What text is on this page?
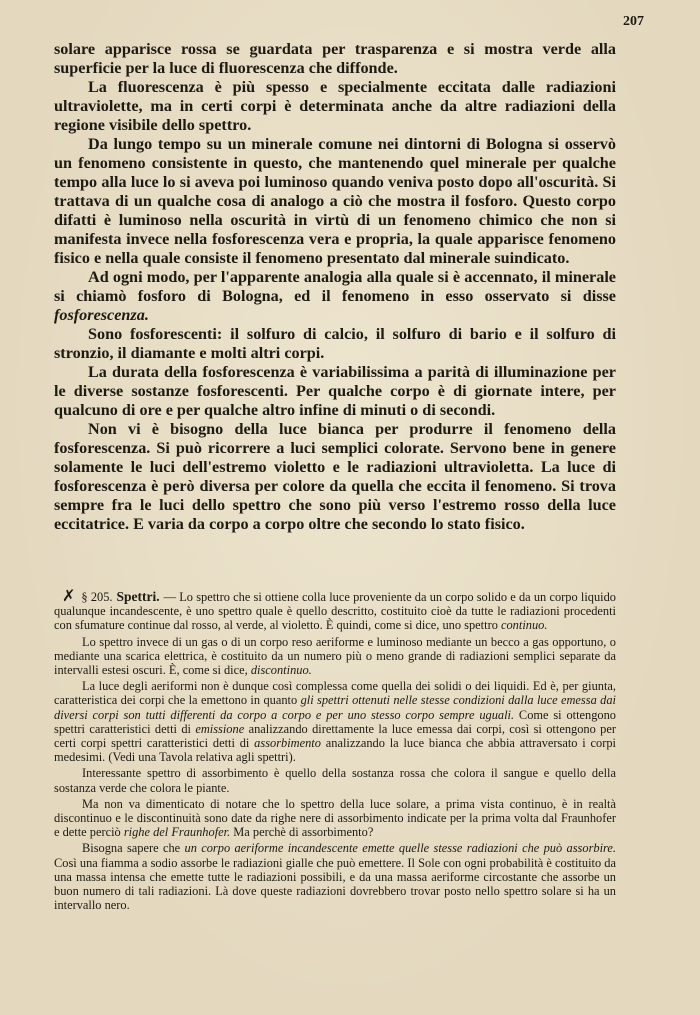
207

solare apparisce rossa se guardata per trasparenza e si mostra verde alla superficie per la luce di fluorescenza che diffonde.

La fluorescenza è più spesso e specialmente eccitata dalle radiazioni ultraviolette, ma in certi corpi è determinata anche da altre radiazioni della regione visibile dello spettro.

Da lungo tempo su un minerale comune nei dintorni di Bologna si osservò un fenomeno consistente in questo, che mantenendo quel minerale per qualche tempo alla luce lo si aveva poi luminoso quando veniva posto dopo all'oscurità. Si trattava di un qualche cosa di analogo a ciò che mostra il fosforo. Questo corpo difatti è luminoso nella oscurità in virtù di un fenomeno chimico che non si manifesta invece nella fosforescenza vera e propria, la quale apparisce fenomeno fisico e nella quale consiste il fenomeno presentato dal minerale suindicato.

Ad ogni modo, per l'apparente analogia alla quale si è accennato, il minerale si chiamò fosforo di Bologna, ed il fenomeno in esso osservato si disse fosforescenza.

Sono fosforescenti: il solfuro di calcio, il solfuro di bario e il solfuro di stronzio, il diamante e molti altri corpi.

La durata della fosforescenza è variabilissima a parità di illuminazione per le diverse sostanze fosforescenti. Per qualche corpo è di giornate intere, per qualcuno di ore e per qualche altro infine di minuti o di secondi.

Non vi è bisogno della luce bianca per produrre il fenomeno della fosforescenza. Si può ricorrere a luci semplici colorate. Servono bene in genere solamente le luci dell'estremo violetto e le radiazioni ultravioletta. La luce di fosforescenza è però diversa per colore da quella che eccita il fenomeno. Si trova sempre fra le luci dello spettro che sono più verso l'estremo rosso della luce eccitatrice. E varia da corpo a corpo oltre che secondo lo stato fisico.

✗ § 205. Spettri. — Lo spettro che si ottiene colla luce proveniente da un corpo solido e da un corpo liquido qualunque incandescente, è uno spettro quale è quello descritto, costituito cioè da tutte le radiazioni procedenti con sfumature continue dal rosso, al verde, al violetto. È quindi, come si dice, uno spettro continuo.

Lo spettro invece di un gas o di un corpo reso aeriforme e luminoso mediante un becco a gas opportuno, o mediante una scarica elettrica, è costituito da un numero più o meno grande di radiazioni semplici separate da intervalli estesi oscuri. È, come si dice, discontinuo.

La luce degli aeriformi non è dunque così complessa come quella dei solidi o dei liquidi. Ed è, per giunta, caratteristica dei corpi che la emettono in quanto gli spettri ottenuti nelle stesse condizioni dalla luce emessa dai diversi corpi son tutti differenti da corpo a corpo e per uno stesso corpo sempre uguali. Come si ottengono spettri caratteristici detti di emissione analizzando direttamente la luce emessa dai corpi, così si ottengono per certi corpi spettri caratteristici detti di assorbimento analizzando la luce bianca che abbia attraversato i corpi medesimi. (Vedi una Tavola relativa agli spettri).

Interessante spettro di assorbimento è quello della sostanza rossa che colora il sangue e quello della sostanza verde che colora le piante.

Ma non va dimenticato di notare che lo spettro della luce solare, a prima vista continuo, è in realtà discontinuo e le discontinuità sono date da righe nere di assorbimento indicate per la prima volta dal Fraunhofer e dette perciò righe del Fraunhofer. Ma perchè di assorbimento?

Bisogna sapere che un corpo aeriforme incandescente emette quelle stesse radiazioni che può assorbire. Così una fiamma a sodio assorbe le radiazioni gialle che può emettere. Il Sole con ogni probabilità è costituito da una massa intensa che emette tutte le radiazioni possibili, e da una massa aeriforme circostante che assorbe un buon numero di tali radiazioni. Là dove queste radiazioni dovrebbero trovar posto nello spettro solare si ha un intervallo nero.
